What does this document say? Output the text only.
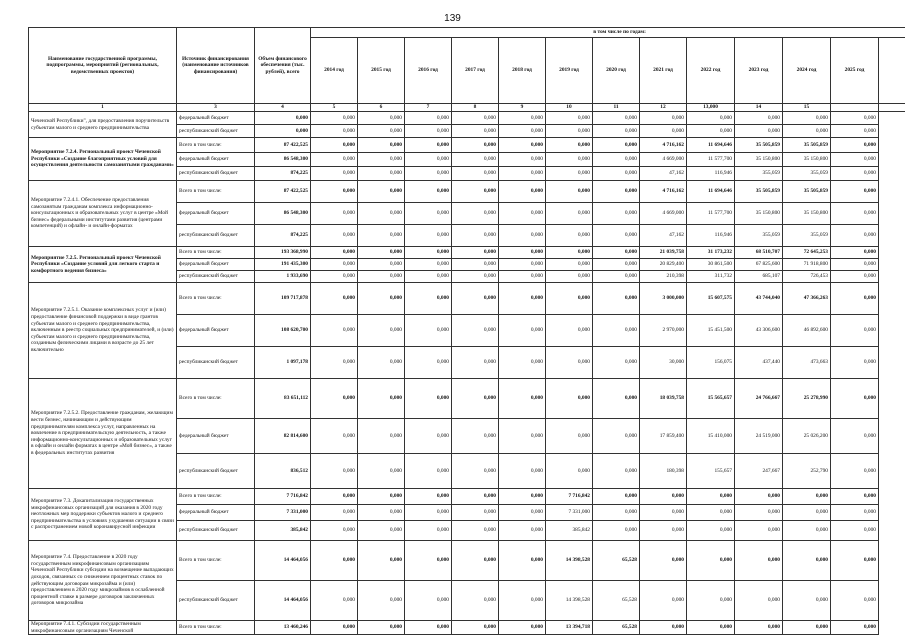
139
Наименование государственной программы, подпрограммы, мероприятий (региональных, ведомственных проектов)	Источник финансирования (наименование источников финансирования)	Объем финансового обеспечения (тыс. рублей), всего	в том числе по годам:												
			2014 год	2015 год	2016 год	2017 год	2018 год	2019 год	2020 год	2021 год	2022 год	2023 год	2024 год	2025 год	
1	3	4	5	6	7	8	9	10	11	12	13,000	14	15		
Чеченской Республики", для предоставления поручительств субъектам малого и среднего предпринимательства	федеральный бюджет	0,000	0,000	0,000	0,000	0,000	0,000	0,000	0,000	0,000	0,000	0,000	0,000	0,000	
	республиканский бюджет	0,000	0,000	0,000	0,000	0,000	0,000	0,000	0,000	0,000	0,000	0,000	0,000	0,000	
Мероприятие 7.2.4. Региональный проект Чеченской Республики «Создание благоприятных условий для осуществления деятельности самозанятыми гражданами»	Всего в том числе:	87 422,525	0,000	0,000	0,000	0,000	0,000	0,000	0,000	4 716,162	11 694,646	35 505,859	35 505,859	0,000	
	федеральный бюджет	86 548,300	0,000	0,000	0,000	0,000	0,000	0,000	0,000	4 669,000	11 577,700	35 150,800	35 150,800	0,000	
	республиканский бюджет	874,225	0,000	0,000	0,000	0,000	0,000	0,000	0,000	47,162	116,946	355,059	355,059	0,000	
Мероприятие 7.2.4.1. Обеспечение предоставления самозанятым гражданам комплекса информационно-консультационных и образовательных услуг в центре «Мой бизнес» федеральными институтами развития (центрами компетенций) и офлайн- и онлайн-форматах	Всего в том числе:	87 422,525	0,000	0,000	0,000	0,000	0,000	0,000	0,000	4 716,162	11 694,646	35 505,859	35 505,859	0,000	
	федеральный бюджет	86 548,300	0,000	0,000	0,000	0,000	0,000	0,000	0,000	4 669,000	11 577,700	35 150,800	35 150,800	0,000	
	республиканский бюджет	874,225	0,000	0,000	0,000	0,000	0,000	0,000	0,000	47,162	116,946	355,059	355,059	0,000	
Мероприятие 7.2.5. Региональный проект Чеченской Республики «Создание условий для легкого старта и комфортного ведения бизнеса»	Всего в том числе:	193 368,990	0,000	0,000	0,000	0,000	0,000	0,000	0,000	21 039,758	31 173,232	68 510,707	72 645,253	0,000	
	федеральный бюджет	191 435,300	0,000	0,000	0,000	0,000	0,000	0,000	0,000	20 829,400	30 861,500	67 825,600	71 918,800	0,000	
	республиканский бюджет	1 933,690	0,000	0,000	0,000	0,000	0,000	0,000	0,000	210,398	311,732	685,107	726,453	0,000	
Мероприятие 7.2.5.1. Оказание комплексных услуг и (или) предоставление финансовой поддержки в виде грантов субъектам малого и среднего предпринимательства, включенным в реестр социальных предпринимателей, и (или) субъектам малого и среднего предпринимательства, созданным физическими лицами в возрасте до 25 лет включительно	Всего в том числе:	109 717,878	0,000	0,000	0,000	0,000	0,000	0,000	0,000	3 000,000	15 607,575	43 744,040	47 366,263	0,000	
	федеральный бюджет	108 620,700	0,000	0,000	0,000	0,000	0,000	0,000	0,000	2 970,000	15 451,500	43 306,600	46 892,600	0,000	
	республиканский бюджет	1 097,178	0,000	0,000	0,000	0,000	0,000	0,000	0,000	30,000	156,075	437,440	473,663	0,000	
Мероприятие 7.2.5.2. Предоставление гражданам, желающим вести бизнес, начинающим и действующим предпринимателям комплекса услуг, направленных на вовлечение в предпринимательскую деятельность, а также информационно-консультационных и образовательных услуг в офлайн и онлайн форматах в центре «Мой бизнес», а также в федеральных институтах развития	Всего в том числе:	83 651,112	0,000	0,000	0,000	0,000	0,000	0,000	0,000	18 039,758	15 565,657	24 766,667	25 278,990	0,000	
	федеральный бюджет	82 814,600	0,000	0,000	0,000	0,000	0,000	0,000	0,000	17 859,400	15 410,000	24 519,000	25 026,200	0,000	
	республиканский бюджет	836,512	0,000	0,000	0,000	0,000	0,000	0,000	0,000	180,398	155,657	247,667	252,790	0,000	
Мероприятие 7.3. Докапитализация государственных микрофинансовых организаций для оказания в 2020 году неотложных мер поддержки субъектов малого и среднего предпринимательства в условиях ухудшения ситуации в связи с распространением новой коронавирусной инфекции	Всего в том числе:	7 716,842	0,000	0,000	0,000	0,000	0,000	7 716,842	0,000	0,000	0,000	0,000	0,000	0,000	
	федеральный бюджет	7 331,000	0,000	0,000	0,000	0,000	0,000	7 331,000	0,000	0,000	0,000	0,000	0,000	0,000	
	республиканский бюджет	385,842	0,000	0,000	0,000	0,000	0,000	385,842	0,000	0,000	0,000	0,000	0,000	0,000	
Мероприятие 7.4. Предоставление в 2020 году государственным микрофинансовым организациям Чеченской Республики субсидии на возмещение выпадающих доходов, связанных со снижением процентных ставок по действующим договорам микрозайма и (или) предоставлением в 2020 году микрозаймов в ослабленной процентной ставке в размере договоров заключенных договоров микрозайма	Всего в том числе:	14 464,056	0,000	0,000	0,000	0,000	0,000	14 398,528	65,528	0,000	0,000	0,000	0,000	0,000	
	республиканский бюджет	14 464,056	0,000	0,000	0,000	0,000	0,000	14 398,528	65,528	0,000	0,000	0,000	0,000	0,000	
Мероприятие 7.4.1. Субсидии государственным микрофинансовым организациям Чеченской	Всего в том числе:	13 460,246	0,000	0,000	0,000	0,000	0,000	13 394,718	65,528	0,000	0,000	0,000	0,000	0,000	
